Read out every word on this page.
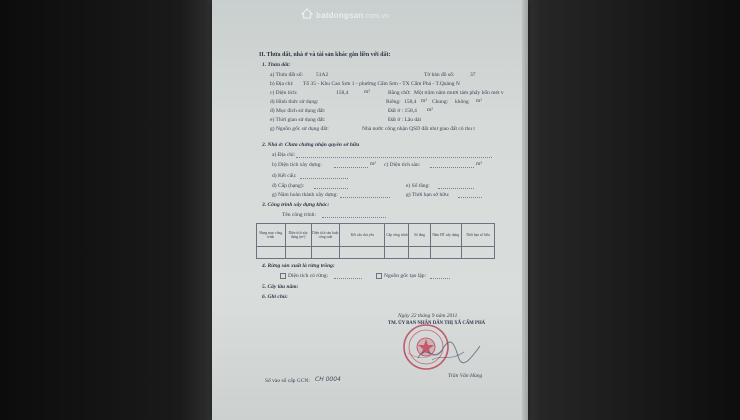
batdongsan.com.vn
II. Thửa đất, nhà ở và tài sản khác gắn liền với đất:
1. Thửa đất:
a) Thửa đất số: 51A2	Tờ bản đồ số:	37
b) Địa chỉ: Tổ 35 - Khu Cao Sơn 1 - phường Cẩm Sơn - TX Cẩm Phả - T.Quảng N
c) Diện tích:	158,4	m²	Bằng chữ: Một trăm năm mươi tám phẩy bốn mét v
d) Hình thức sử dụng:	Riêng: 158,4 m² Chung: không m²
đ) Mục đích sử dụng đất:	Đất ở : 158,4 m²
e) Thời gian sử dụng đất:	Đất ở : Lâu dài
g) Nguồn gốc sử dụng đất:	Nhà nước công nhận QSD đất như giao đất có thu t
2. Nhà ở: Chưa chứng nhận quyền sở hữu
a) Địa chỉ:
b) Diện tích xây dựng:	m² c) Diện tích sàn:	m²
d) Kết cấu:
đ) Cấp (hạng):	e) Số tầng:
g) Năm hoàn thành xây dựng:	g) Thời hạn sở hữu:
3. Công trình xây dựng khác:
Tên công trình:
Hạng mục công trình	Diện tích xây dựng (m²)	Diện tích sàn hoặc công suất	Kết cấu chủ yếu	Cấp công trình	Số tầng	Năm HT xây dựng	Thời hạn sở hữu

4. Rừng sản xuất là rừng trồng:
Diện tích có rừng:	Nguồn gốc tạo lập:
5. Cây lâu năm:
6. Ghi chú:
Ngày 22 tháng 9 năm 2011
TM. ỦY BAN NHÂN DÂN THỊ XÃ CẨM PHẢ
Trần Văn Hùng
Số vào sổ cấp GCN: CH 0004
